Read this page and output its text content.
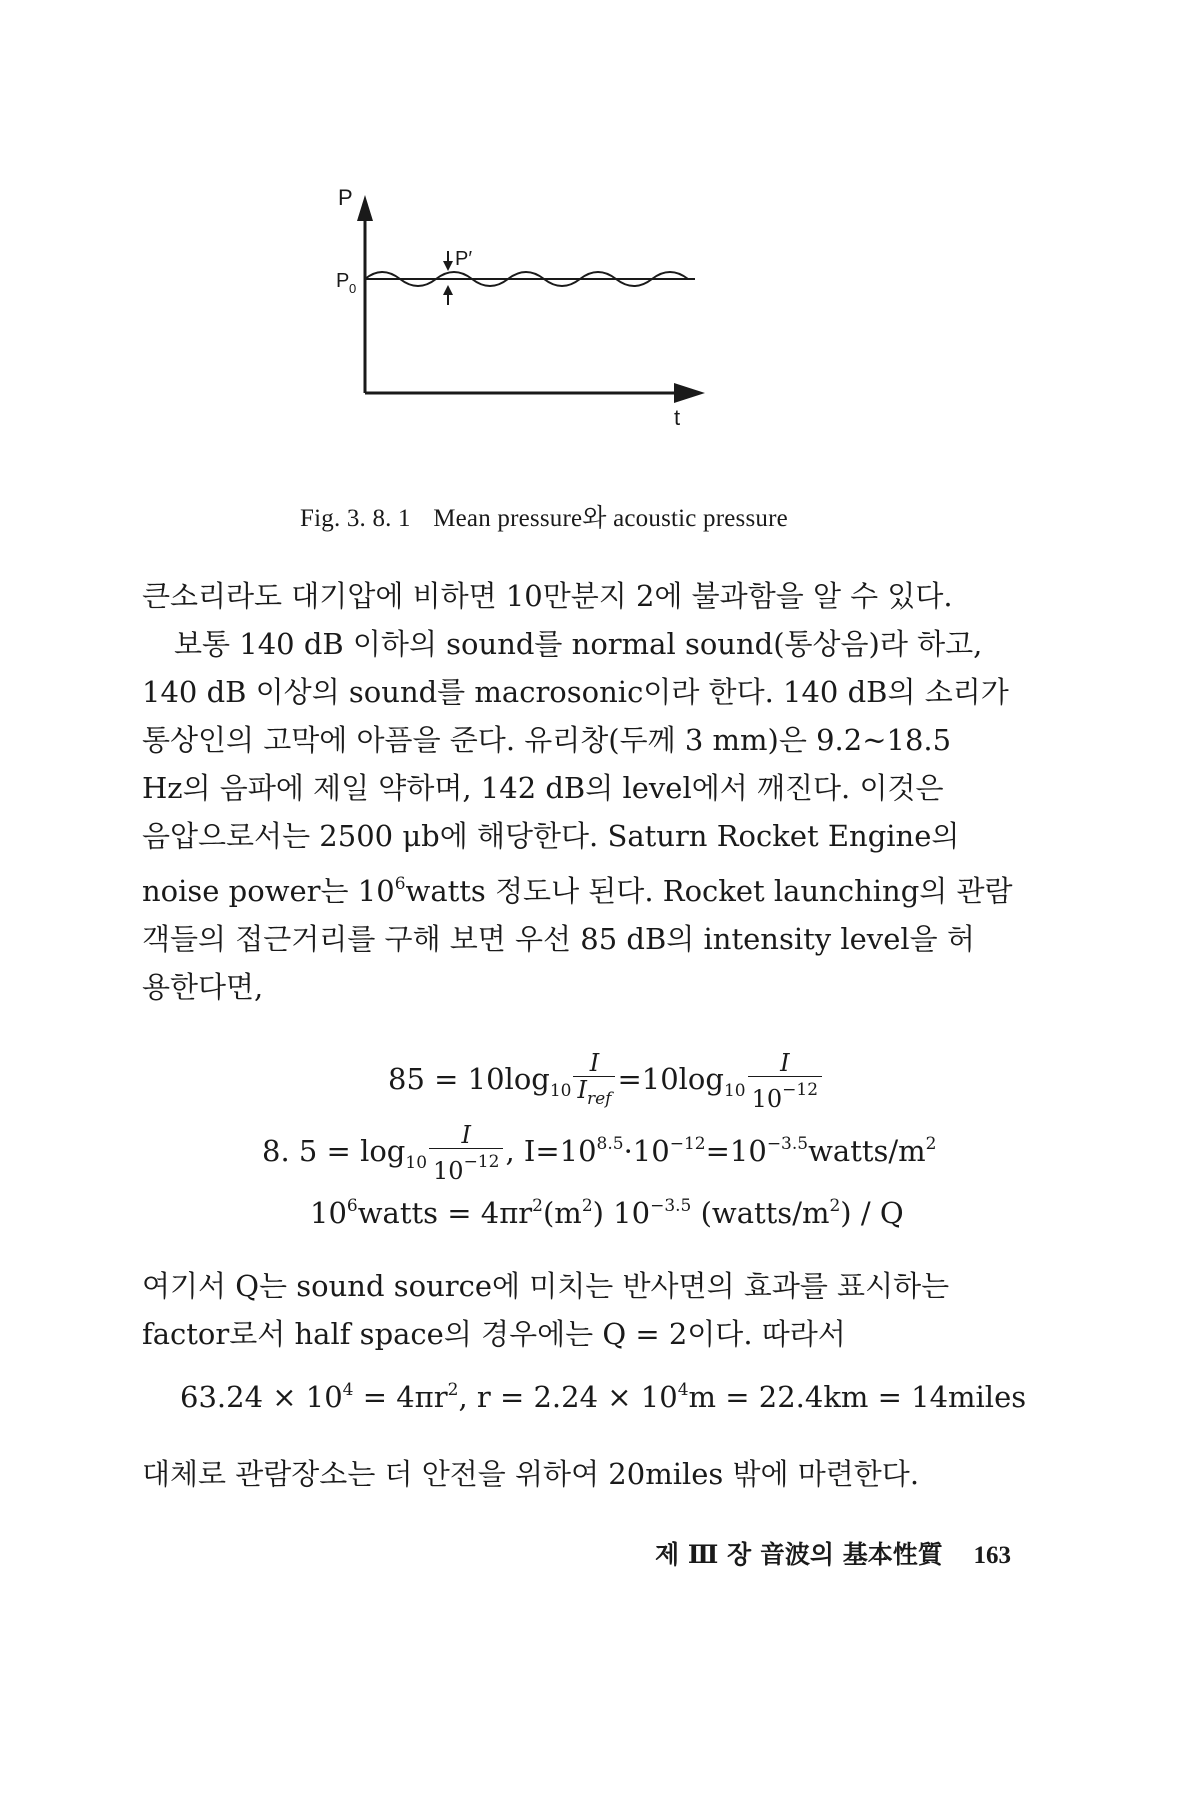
P
t
P 0
P′
Fig. 3. 8. 1 Mean pressure와 acoustic pressure
큰소리라도 대기압에 비하면 10만분지 2에 불과함을 알 수 있다.
보통 140 dB 이하의 sound를 normal sound(통상음)라 하고,
140 dB 이상의 sound를 macrosonic이라 한다. 140 dB의 소리가
통상인의 고막에 아픔을 준다. 유리창(두께 3 mm)은 9.2~18.5
Hz의 음파에 제일 약하며, 142 dB의 level에서 깨진다. 이것은
음압으로서는 2500 μb에 해당한다. Saturn Rocket Engine의
noise power는 $10^6watts$ 정도나 된다. Rocket launching의 관람
객들의 접근거리를 구해 보면 우선 85 dB의 intensity level을 허
용한다면,
$85 = 10\log_{10} \frac{I}{I_{ref}} =10\log_{10} \frac{I}{10^{-12}}$
8. $5 = \log_{10} \frac{I}{10^{-12}}$ , $I=10^{8.5}\cdot 10^{-12}=10^{-3.5}watts/m^2$
$10^6watts = 4\pi r^2(m^2)$ $10^{-3.5}$ $(watts/m^2)$ / Q
여기서 Q는 sound source에 미치는 반사면의 효과를 표시하는
factor로서 half space의 경우에는 Q = 2이다. 따라서
$63.24 \times 10^4 = 4\pi r^2$, $r = 2.24 \times 10^4m = 22.4km$ = 14miles
대체로 관람장소는 더 안전을 위하여 20miles 밖에 마련한다.
제 Ⅲ 장 音波의 基本性質 163
